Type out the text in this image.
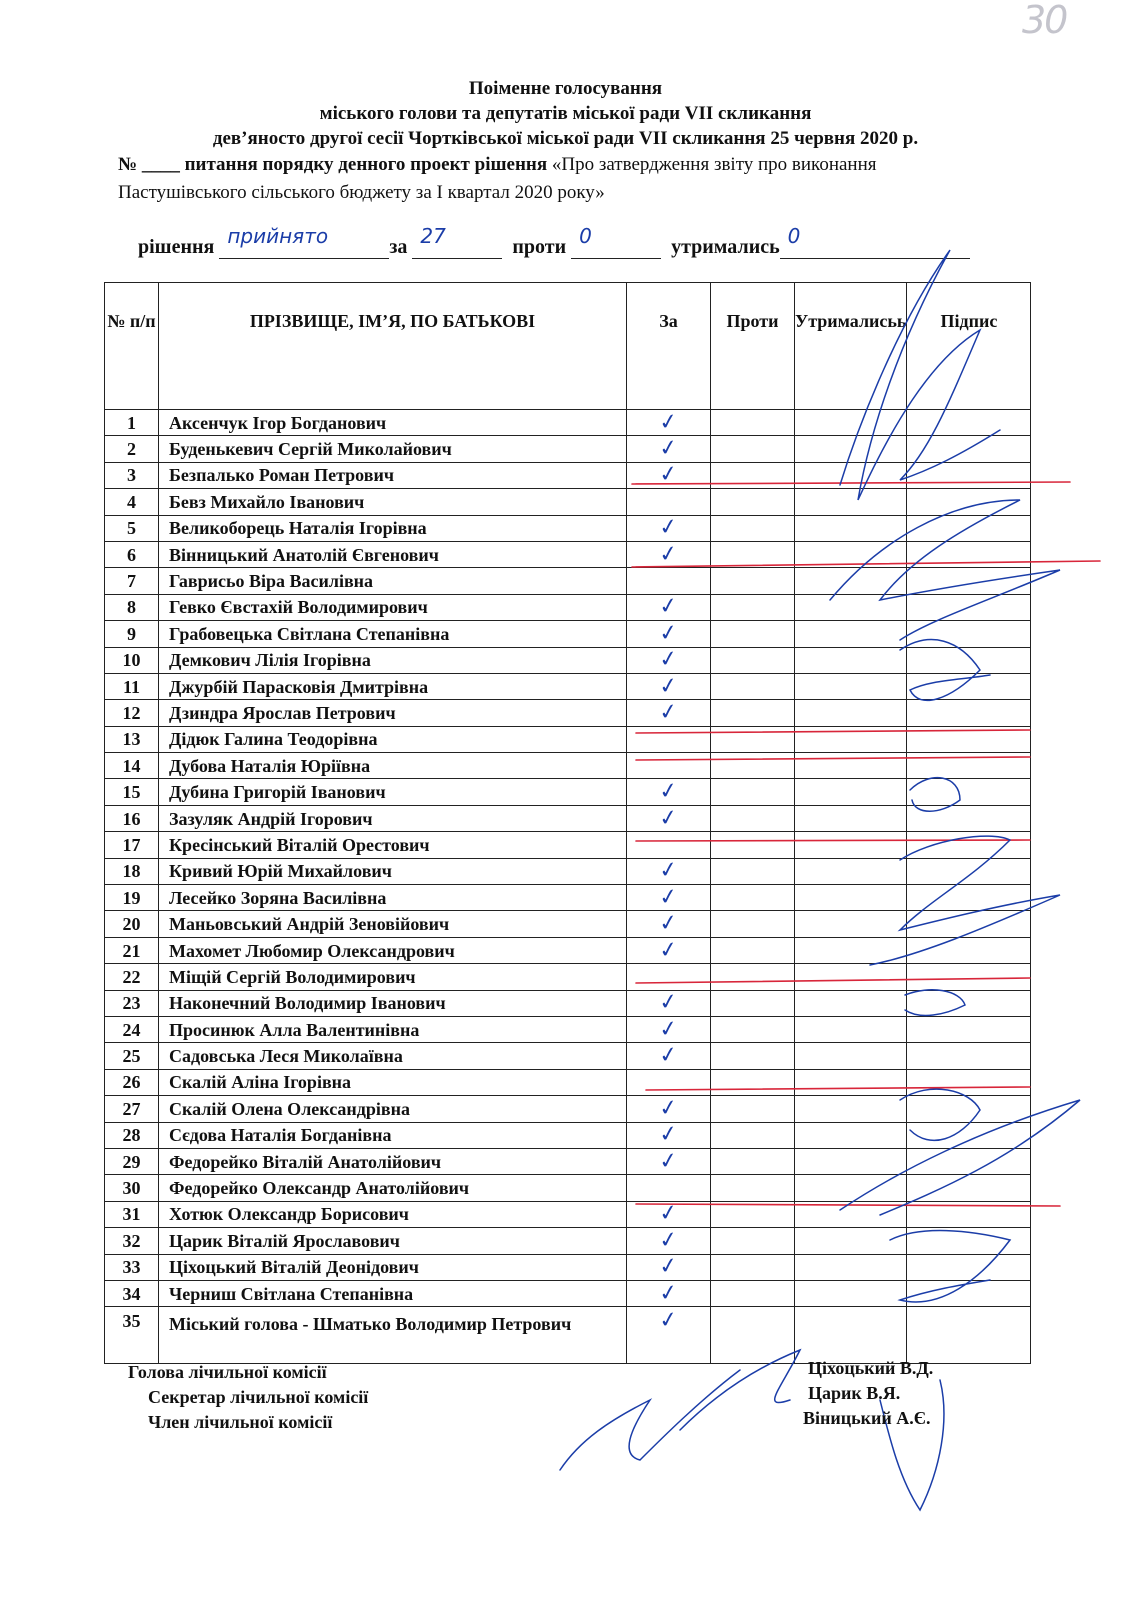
30
Поіменне голосування
міського голови та депутатів міської ради VII скликання
дев’яносто другої сесії Чортківської міської ради VII скликання 25 червня 2020 р.
№ ____ питання порядку денного проект рішення «Про затвердження звіту про виконання
Пастушівського сільського бюджету за І квартал 2020 року»
рішення прийнято	за 27	проти 0	утримались 0
№ п/п	ПРІЗВИЩЕ, ІМ’Я, ПО БАТЬКОВІ	За	Проти	Утрималисьь	Підпис
1	Аксенчук Ігор Богданович	✓			

2	Буденькевич Сергій Миколайович	✓			

3	Безпалько Роман Петрович	✓			

4	Бевз Михайло Іванович	

5	Великоборець Наталія Ігорівна	✓			

6	Вінницький Анатолій Євгенович	✓			

7	Гаврисьо Віра Василівна	

8	Гевко Євстахій Володимирович	✓			

9	Грабовецька Світлана Степанівна	✓			

10	Демкович Лілія Ігорівна	✓			

11	Джурбій Парасковія Дмитрівна	✓			

12	Дзиндра Ярослав Петрович	✓			

13	Дідюк Галина Теодорівна	

14	Дубова Наталія Юріївна	

15	Дубина Григорій Іванович	✓			

16	Зазуляк Андрій Ігорович	✓			

17	Кресінський Віталій Орестович	

18	Кривий Юрій Михайлович	✓			

19	Лесейко Зоряна Василівна	✓			

20	Маньовський Андрій Зеновійович	✓			

21	Махомет Любомир Олександрович	✓			

22	Міщій Сергій Володимирович	

23	Наконечний Володимир Іванович	✓			

24	Просинюк Алла Валентинівна	✓			

25	Садовська Леся Миколаївна	✓			

26	Скалій Аліна Ігорівна	

27	Скалій Олена Олександрівна	✓			

28	Сєдова Наталія Богданівна	✓			

29	Федорейко Віталій Анатолійович	✓			

30	Федорейко Олександр Анатолійович	

31	Хотюк Олександр Борисович	✓			

32	Царик Віталій Ярославович	✓			

33	Ціхоцький Віталій Деонідович	✓			

34	Черниш Світлана Степанівна	✓			

35	Міський голова - Шматько Володимир Петрович	✓			

Голова лічильної комісії
Секретар лічильної комісії
Член лічильної комісії
Ціхоцький В.Д.
Царик В.Я.
Віницький А.Є.
